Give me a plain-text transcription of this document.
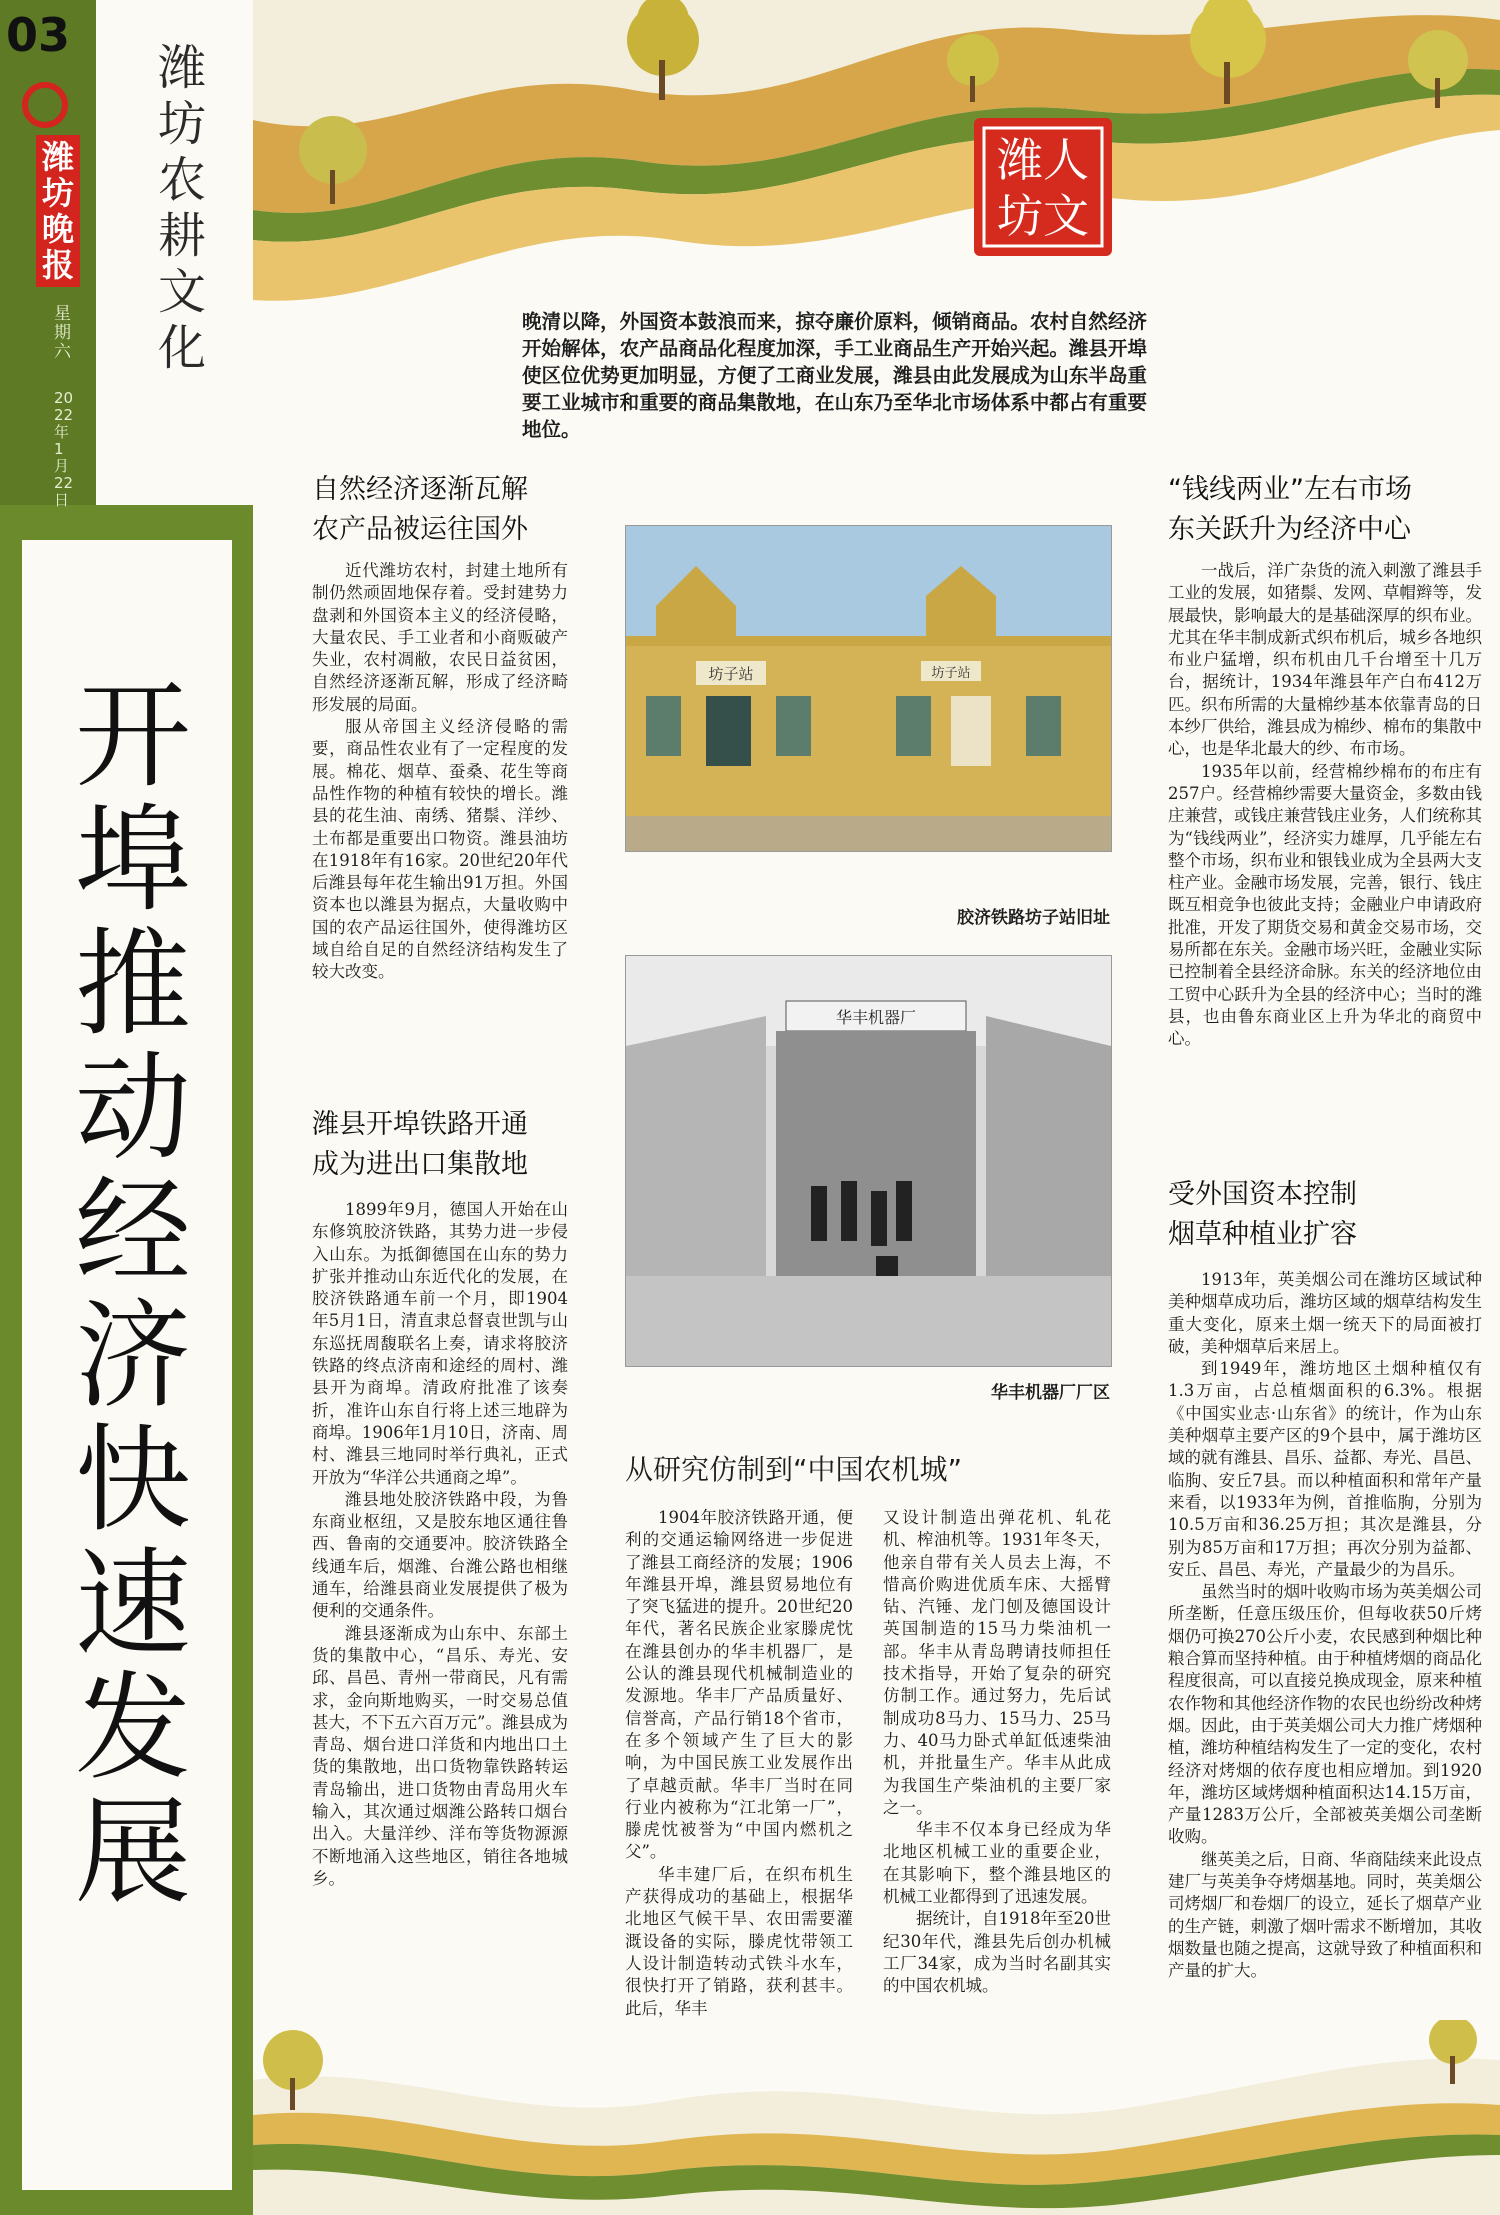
03
潍坊晚报
星期六
2022年1月22日
潍坊农耕文化
开埠推动经济快速发展
潍人
坊文
晚清以降，外国资本鼓浪而来，掠夺廉价原料，倾销商品。农村自然经济开始解体，农产品商品化程度加深，手工业商品生产开始兴起。潍县开埠使区位优势更加明显，方便了工商业发展，潍县由此发展成为山东半岛重要工业城市和重要的商品集散地，在山东乃至华北市场体系中都占有重要地位。
自然经济逐渐瓦解
农产品被运往国外

近代潍坊农村，封建土地所有制仍然顽固地保存着。受封建势力盘剥和外国资本主义的经济侵略，大量农民、手工业者和小商贩破产失业，农村凋敝，农民日益贫困，自然经济逐渐瓦解，形成了经济畸形发展的局面。

服从帝国主义经济侵略的需要，商品性农业有了一定程度的发展。棉花、烟草、蚕桑、花生等商品性作物的种植有较快的增长。潍县的花生油、南绣、猪鬃、洋纱、土布都是重要出口物资。潍县油坊在1918年有16家。20世纪20年代后潍县每年花生输出91万担。外国资本也以潍县为据点，大量收购中国的农产品运往国外，使得潍坊区域自给自足的自然经济结构发生了较大改变。

潍县开埠铁路开通
成为进出口集散地

1899年9月，德国人开始在山东修筑胶济铁路，其势力进一步侵入山东。为抵御德国在山东的势力扩张并推动山东近代化的发展，在胶济铁路通车前一个月，即1904年5月1日，清直隶总督袁世凯与山东巡抚周馥联名上奏，请求将胶济铁路的终点济南和途经的周村、潍县开为商埠。清政府批准了该奏折，准许山东自行将上述三地辟为商埠。1906年1月10日，济南、周村、潍县三地同时举行典礼，正式开放为“华洋公共通商之埠”。

潍县地处胶济铁路中段，为鲁东商业枢纽，又是胶东地区通往鲁西、鲁南的交通要冲。胶济铁路全线通车后，烟潍、台潍公路也相继通车，给潍县商业发展提供了极为便利的交通条件。

潍县逐渐成为山东中、东部土货的集散中心，“昌乐、寿光、安邱、昌邑、青州一带商民，凡有需求，金向斯地购买，一时交易总值甚大，不下五六百万元”。潍县成为青岛、烟台进口洋货和内地出口土货的集散地，出口货物靠铁路转运青岛输出，进口货物由青岛用火车输入，其次通过烟潍公路转口烟台出入。大量洋纱、洋布等货物源源不断地涌入这些地区，销往各地城乡。

坊子站	坊子站
胶济铁路坊子站旧址
华丰机器厂
华丰机器厂厂区
从研究仿制到“中国农机城”

1904年胶济铁路开通，便利的交通运输网络进一步促进了潍县工商经济的发展；1906年潍县开埠，潍县贸易地位有了突飞猛进的提升。20世纪20年代，著名民族企业家滕虎忱在潍县创办的华丰机器厂，是公认的潍县现代机械制造业的发源地。华丰厂产品质量好、信誉高，产品行销18个省市，在多个领域产生了巨大的影响，为中国民族工业发展作出了卓越贡献。华丰厂当时在同行业内被称为“江北第一厂”，滕虎忱被誉为“中国内燃机之父”。

华丰建厂后，在织布机生产获得成功的基础上，根据华北地区气候干旱、农田需要灌溉设备的实际，滕虎忱带领工人设计制造转动式铁斗水车，很快打开了销路，获利甚丰。此后，华丰

又设计制造出弹花机、轧花机、榨油机等。1931年冬天，他亲自带有关人员去上海，不惜高价购进优质车床、大摇臂钻、汽锤、龙门刨及德国设计英国制造的15马力柴油机一部。华丰从青岛聘请技师担任技术指导，开始了复杂的研究仿制工作。通过努力，先后试制成功8马力、15马力、25马力、40马力卧式单缸低速柴油机，并批量生产。华丰从此成为我国生产柴油机的主要厂家之一。

华丰不仅本身已经成为华北地区机械工业的重要企业，在其影响下，整个潍县地区的机械工业都得到了迅速发展。

据统计，自1918年至20世纪30年代，潍县先后创办机械工厂34家，成为当时名副其实的中国农机城。

“钱线两业”左右市场
东关跃升为经济中心

一战后，洋广杂货的流入刺激了潍县手工业的发展，如猪鬃、发网、草帽辫等，发展最快，影响最大的是基础深厚的织布业。尤其在华丰制成新式织布机后，城乡各地织布业户猛增，织布机由几千台增至十几万台，据统计，1934年潍县年产白布412万匹。织布所需的大量棉纱基本依靠青岛的日本纱厂供给，潍县成为棉纱、棉布的集散中心，也是华北最大的纱、布市场。

1935年以前，经营棉纱棉布的布庄有257户。经营棉纱需要大量资金，多数由钱庄兼营，或钱庄兼营钱庄业务，人们统称其为“钱线两业”，经济实力雄厚，几乎能左右整个市场，织布业和银钱业成为全县两大支柱产业。金融市场发展，完善，银行、钱庄既互相竞争也彼此支持；金融业户申请政府批准，开发了期货交易和黄金交易市场，交易所都在东关。金融市场兴旺，金融业实际已控制着全县经济命脉。东关的经济地位由工贸中心跃升为全县的经济中心；当时的潍县，也由鲁东商业区上升为华北的商贸中心。

受外国资本控制
烟草种植业扩容

1913年，英美烟公司在潍坊区域试种美种烟草成功后，潍坊区域的烟草结构发生重大变化，原来土烟一统天下的局面被打破，美种烟草后来居上。

到1949年，潍坊地区土烟种植仅有1.3万亩，占总植烟面积的6.3%。根据《中国实业志·山东省》的统计，作为山东美种烟草主要产区的9个县中，属于潍坊区域的就有潍县、昌乐、益都、寿光、昌邑、临朐、安丘7县。而以种植面积和常年产量来看，以1933年为例，首推临朐，分别为10.5万亩和36.25万担；其次是潍县，分别为85万亩和17万担；再次分别为益都、安丘、昌邑、寿光，产量最少的为昌乐。

虽然当时的烟叶收购市场为英美烟公司所垄断，任意压级压价，但每收获50斤烤烟仍可换270公斤小麦，农民感到种烟比种粮合算而坚持种植。由于种植烤烟的商品化程度很高，可以直接兑换成现金，原来种植农作物和其他经济作物的农民也纷纷改种烤烟。因此，由于英美烟公司大力推广烤烟种植，潍坊种植结构发生了一定的变化，农村经济对烤烟的依存度也相应增加。到1920年，潍坊区域烤烟种植面积达14.15万亩，产量1283万公斤，全部被英美烟公司垄断收购。

继英美之后，日商、华商陆续来此设点建厂与英美争夺烤烟基地。同时，英美烟公司烤烟厂和卷烟厂的设立，延长了烟草产业的生产链，刺激了烟叶需求不断增加，其收烟数量也随之提高，这就导致了种植面积和产量的扩大。
